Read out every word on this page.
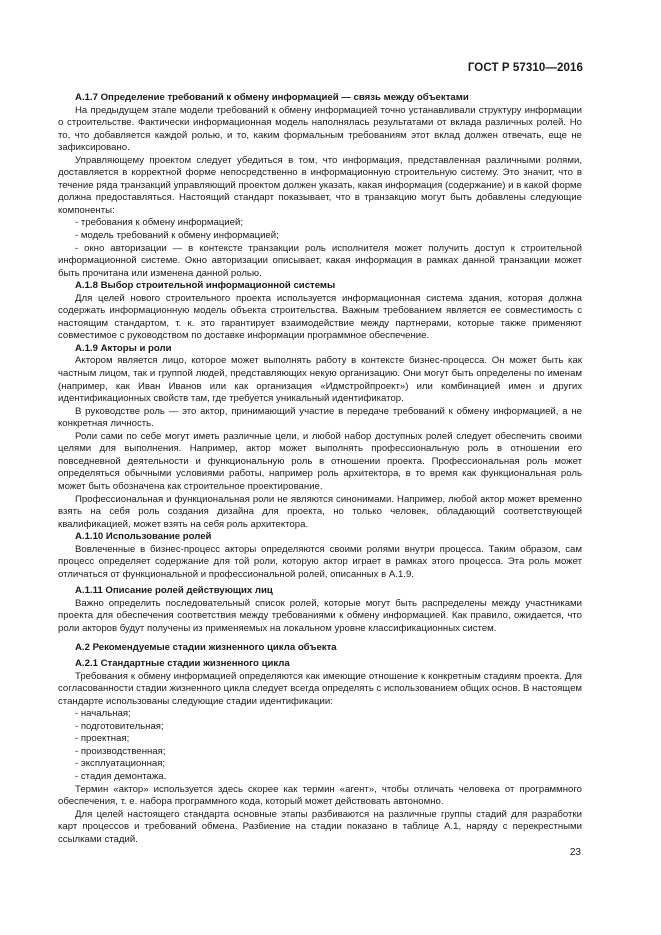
ГОСТ Р 57310—2016

А.1.7 Определение требований к обмену информацией — связь между объектами

На предыдущем этапе модели требований к обмену информацией точно устанавливали структуру информации о строительстве. Фактически информационная модель наполнялась результатами от вклада различных ролей. Но то, что добавляется каждой ролью, и то, каким формальным требованиям этот вклад должен отвечать, еще не зафиксировано.

Управляющему проектом следует убедиться в том, что информация, представленная различными ролями, доставляется в корректной форме непосредственно в информационную строительную систему. Это значит, что в течение ряда транзакций управляющий проектом должен указать, какая информация (содержание) и в какой форме должна предоставляться. Настоящий стандарт показывает, что в транзакцию могут быть добавлены следующие компоненты:

- требования к обмену информацией;

- модель требований к обмену информацией;

- окно авторизации — в контексте транзакции роль исполнителя может получить доступ к строительной информационной системе. Окно авторизации описывает, какая информация в рамках данной транзакции может быть прочитана или изменена данной ролью.

А.1.8 Выбор строительной информационной системы

Для целей нового строительного проекта используется информационная система здания, которая должна содержать информационную модель объекта строительства. Важным требованием является ее совместимость с настоящим стандартом, т. к. это гарантирует взаимодействие между партнерами, которые также применяют совместимое с руководством по доставке информации программное обеспечение.

А.1.9 Акторы и роли

Актором является лицо, которое может выполнять работу в контексте бизнес-процесса. Он может быть как частным лицом, так и группой людей, представляющих некую организацию. Они могут быть определены по именам (например, как Иван Иванов или как организация «Идмстройпроект») или комбинацией имен и других идентификационных свойств там, где требуется уникальный идентификатор.

В руководстве роль — это актор, принимающий участие в передаче требований к обмену информацией, а не конкретная личность.

Роли сами по себе могут иметь различные цели, и любой набор доступных ролей следует обеспечить своими целями для выполнения. Например, актор может выполнять профессиональную роль в отношении его повседневной деятельности и функциональную роль в отношении проекта. Профессиональная роль может определяться обычными условиями работы, например роль архитектора, в то время как функциональная роль может быть обозначена как строительное проектирование.

Профессиональная и функциональная роли не являются синонимами. Например, любой актор может временно взять на себя роль создания дизайна для проекта, но только человек, обладающий соответствующей квалификацией, может взять на себя роль архитектора.

А.1.10 Использование ролей

Вовлеченные в бизнес-процесс акторы определяются своими ролями внутри процесса. Таким образом, сам процесс определяет содержание для той роли, которую актор играет в рамках этого процесса. Эта роль может отличаться от функциональной и профессиональной ролей, описанных в А.1.9.

А.1.11 Описание ролей действующих лиц

Важно определить последовательный список ролей, которые могут быть распределены между участниками проекта для обеспечения соответствия между требованиями к обмену информацией. Как правило, ожидается, что роли акторов будут получены из применяемых на локальном уровне классификационных систем.

А.2 Рекомендуемые стадии жизненного цикла объекта

А.2.1 Стандартные стадии жизненного цикла

Требования к обмену информацией определяются как имеющие отношение к конкретным стадиям проекта. Для согласованности стадии жизненного цикла следует всегда определять с использованием общих основ. В настоящем стандарте использованы следующие стадии идентификации:

- начальная;

- подготовительная;

- проектная;

- производственная;

- эксплуатационная;

- стадия демонтажа.

Термин «актор» используется здесь скорее как термин «агент», чтобы отличать человека от программного обеспечения, т. е. набора программного кода, который может действовать автономно.

Для целей настоящего стандарта основные этапы разбиваются на различные группы стадий для разработки карт процессов и требований обмена. Разбиение на стадии показано в таблице А.1, наряду с перекрестными ссылками стадий.

23
